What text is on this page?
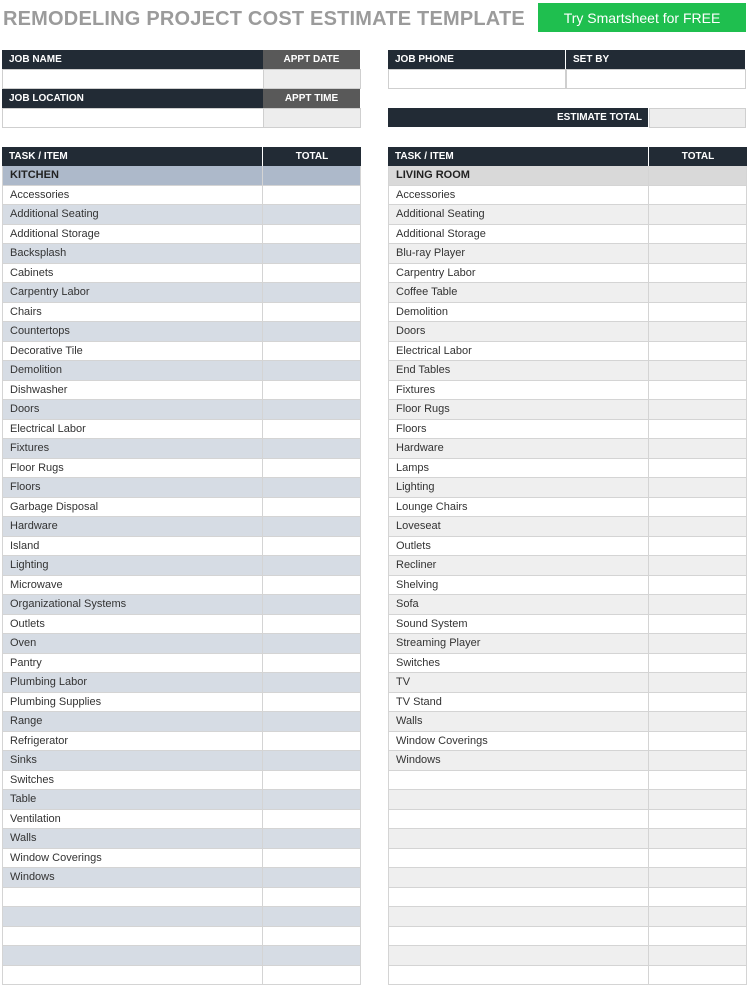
REMODELING PROJECT COST ESTIMATE TEMPLATE	Try Smartsheet for FREE
JOB NAME	APPT DATE
JOB LOCATION	APPT TIME
JOB PHONE	SET BY
ESTIMATE TOTAL
TASK / ITEM	TOTAL
KITCHEN
Accessories
Additional Seating
Additional Storage
Backsplash
Cabinets
Carpentry Labor
Chairs
Countertops
Decorative Tile
Demolition
Dishwasher
Doors
Electrical Labor
Fixtures
Floor Rugs
Floors
Garbage Disposal
Hardware
Island
Lighting
Microwave
Organizational Systems
Outlets
Oven
Pantry
Plumbing Labor
Plumbing Supplies
Range
Refrigerator
Sinks
Switches
Table
Ventilation
Walls
Window Coverings
Windows
TASK / ITEM	TOTAL
LIVING ROOM
Accessories
Additional Seating
Additional Storage
Blu-ray Player
Carpentry Labor
Coffee Table
Demolition
Doors
Electrical Labor
End Tables
Fixtures
Floor Rugs
Floors
Hardware
Lamps
Lighting
Lounge Chairs
Loveseat
Outlets
Recliner
Shelving
Sofa
Sound System
Streaming Player
Switches
TV
TV Stand
Walls
Window Coverings
Windows
